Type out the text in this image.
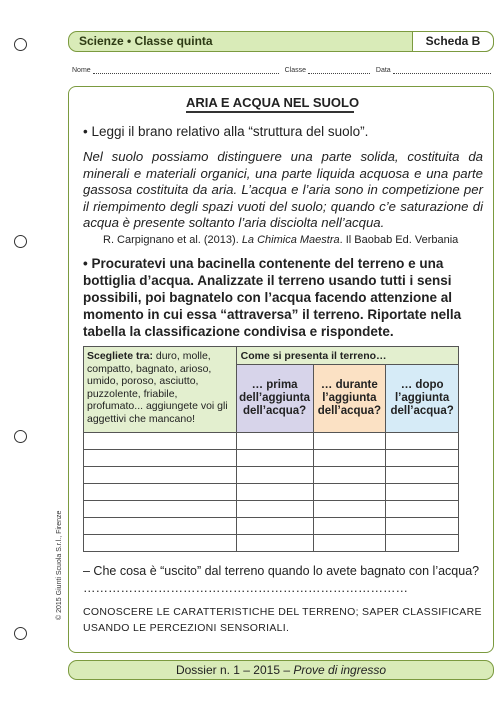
Scienze • Classe quinta	Scheda B
Nome	Classe	Data
ARIA E ACQUA NEL SUOLO
• Leggi il brano relativo alla “struttura del suolo”.
Nel suolo possiamo distinguere una parte solida, costituita da minerali e materiali organici, una parte liquida acquosa e una parte gassosa costituita da aria. L’acqua e l’aria sono in competizione per il riempimento degli spazi vuoti del suolo; quando c’e saturazione di acqua è presente soltanto l’aria disciolta nell’acqua.
R. Carpignano et al. (2013). La Chimica Maestra. Il Baobab Ed. Verbania
• Procuratevi una bacinella contenente del terreno e una bottiglia d’acqua. Analizzate il terreno usando tutti i sensi possibili, poi bagnatelo con l’acqua facendo attenzione al momento in cui essa “attraversa” il terreno. Riportate nella tabella la classificazione condivisa e rispondete.
Scegliete tra: duro, molle, compatto, bagnato, arioso, umido, poroso, asciutto, puzzolente, friabile, profumato... aggiungete voi gli aggettivi che mancano!	Come si presenta il terreno…		
	… prima dell’aggiunta dell’acqua?	… durante l’aggiunta dell’acqua?	… dopo l’aggiunta dell’acqua?

– Che cosa è “uscito” dal terreno quando lo avete bagnato con l’acqua? ……………………………………………………………………
CONOSCERE LE CARATTERISTICHE DEL TERRENO; SAPER CLASSIFICARE USANDO LE PERCEZIONI SENSORIALI.
Dossier n. 1 – 2015 – Prove di ingresso
© 2015 Giunti Scuola S.r.l., Firenze
